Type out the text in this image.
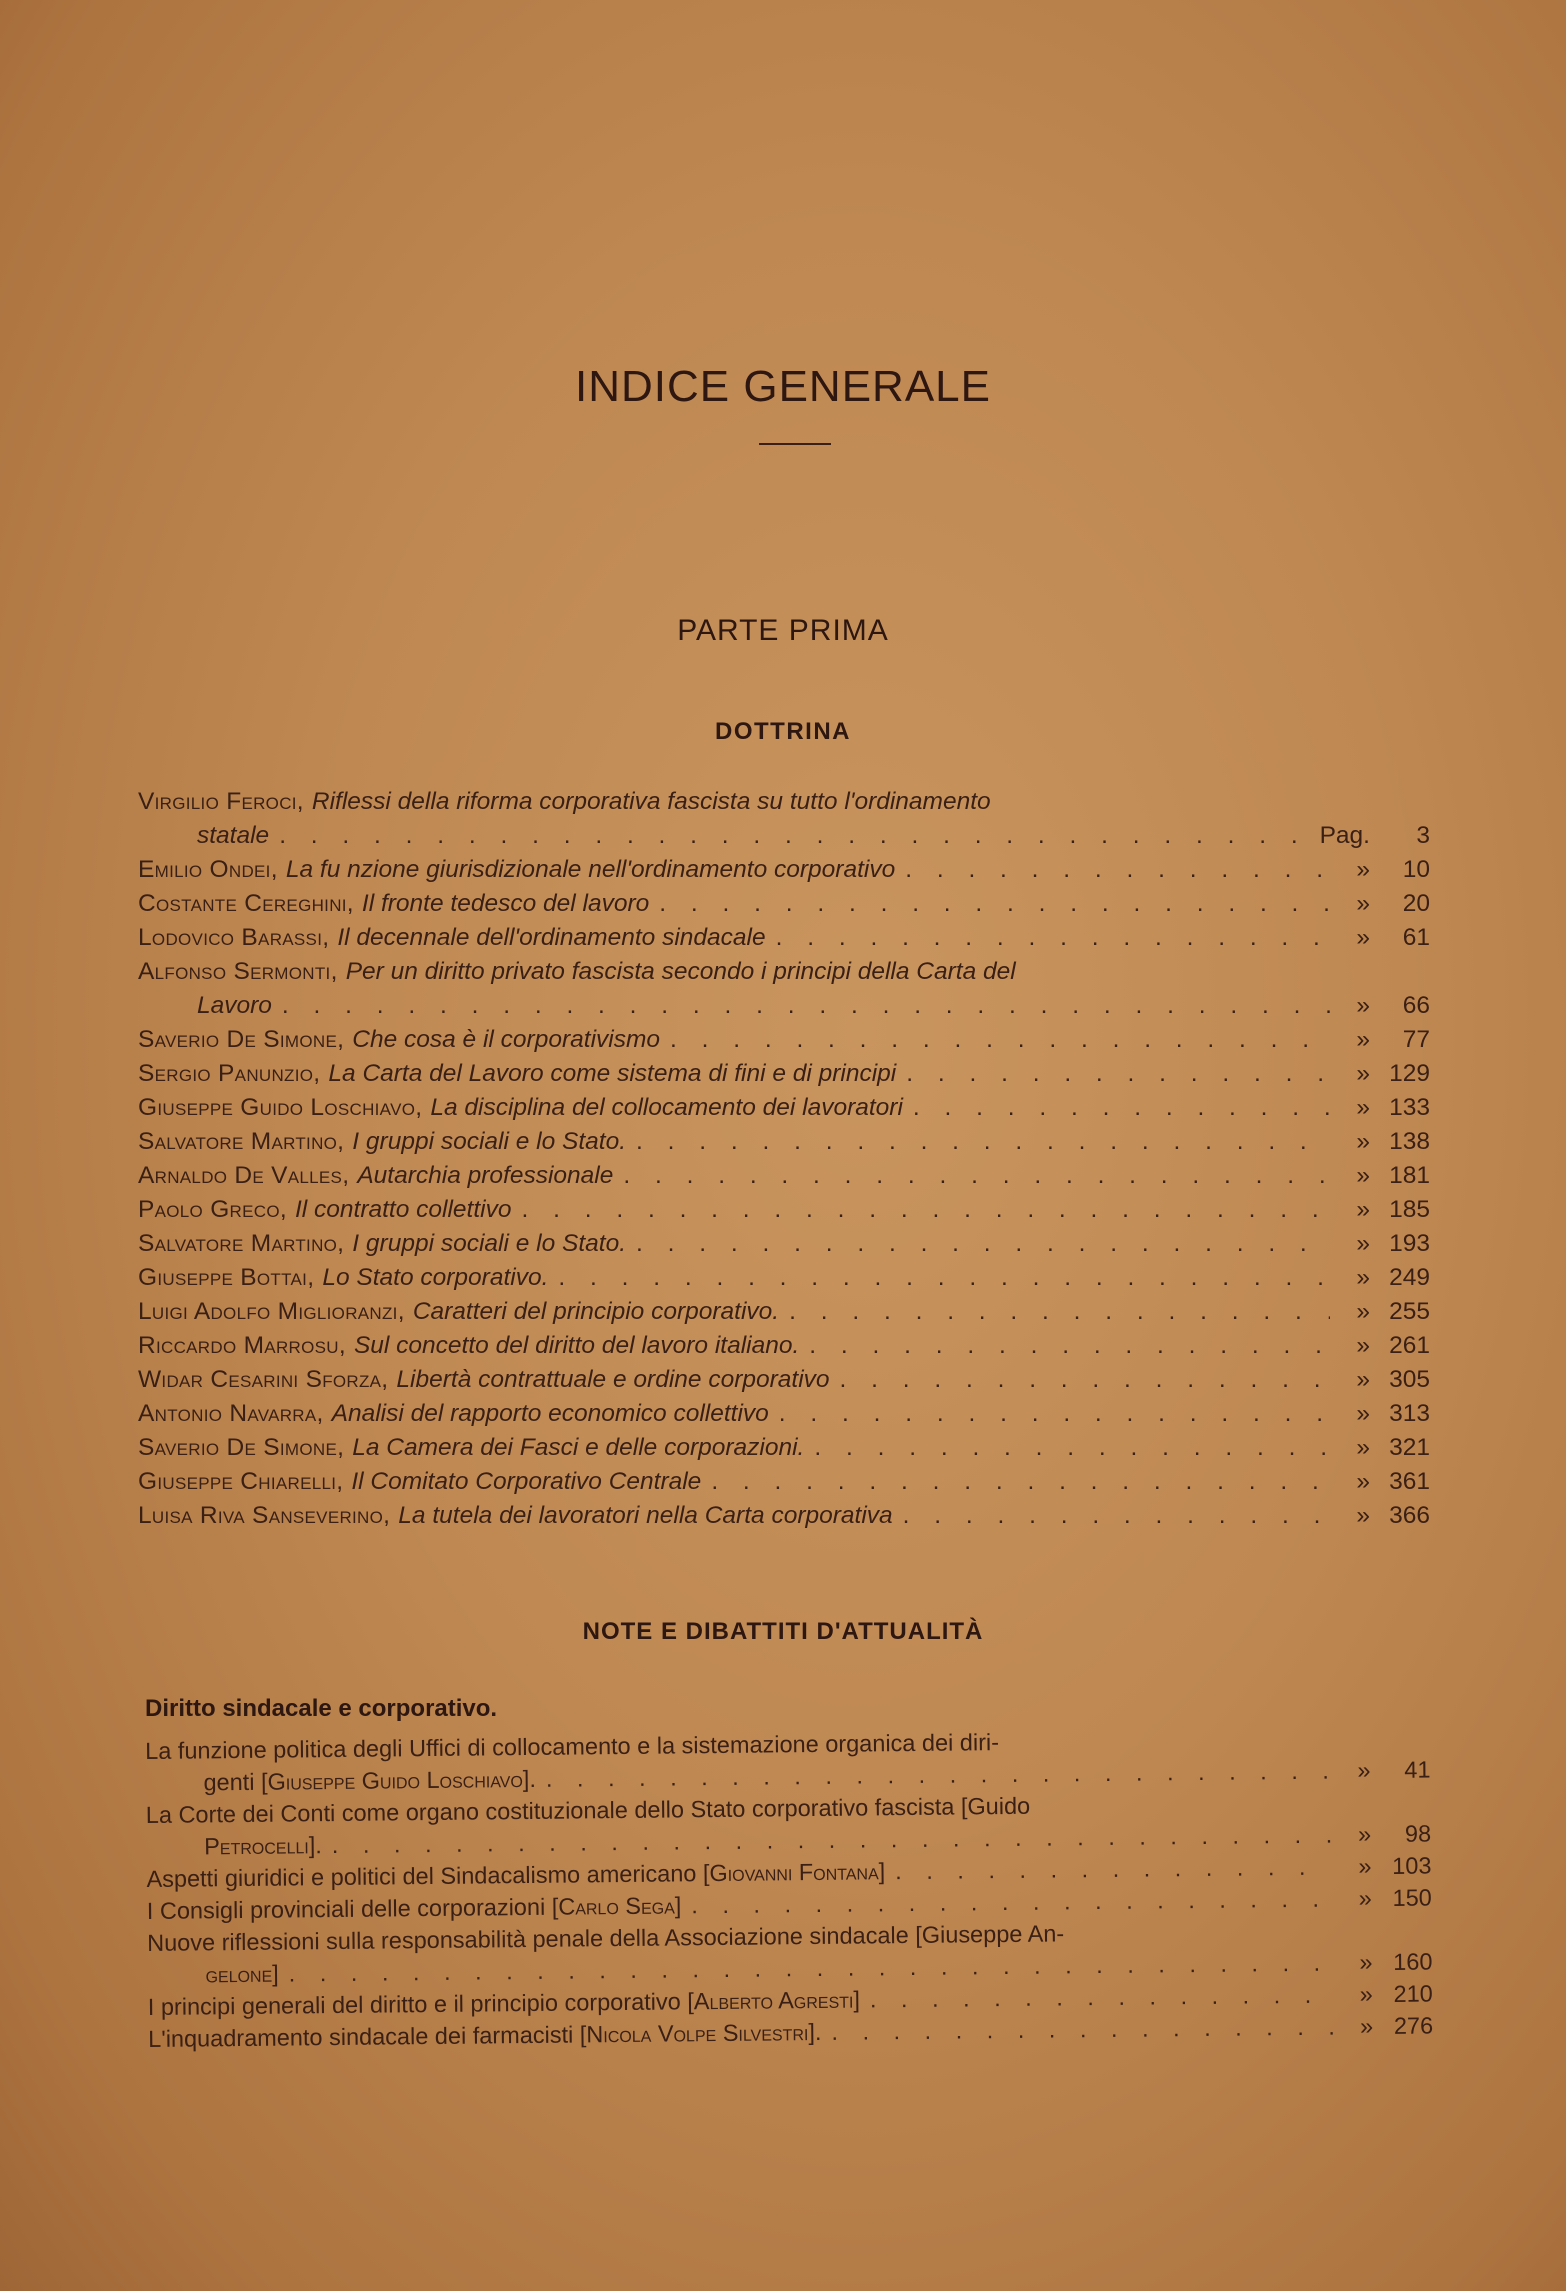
INDICE GENERALE
PARTE PRIMA
DOTTRINA
Virgilio Feroci, Riflessi della riforma corporativa fascista su tutto l'ordinamento
statale . . .	Pag.	3
Emilio Ondei, La fu nzione giurisdizionale nell'ordinamento corporativo . . .	»	10
Costante Cereghini, Il fronte tedesco del lavoro . . .	»	20
Lodovico Barassi, Il decennale dell'ordinamento sindacale . . .	»	61
Alfonso Sermonti, Per un diritto privato fascista secondo i principi della Carta del
Lavoro . . .	»	66
Saverio De Simone, Che cosa è il corporativismo . . .	»	77
Sergio Panunzio, La Carta del Lavoro come sistema di fini e di principi . . .	» 129
Giuseppe Guido Loschiavo, La disciplina del collocamento dei lavoratori . . .	» 133
Salvatore Martino, I gruppi sociali e lo Stato. . . .	» 138
Arnaldo De Valles, Autarchia professionale . . .	» 181
Paolo Greco, Il contratto collettivo . . .	» 185
Salvatore Martino, I gruppi sociali e lo Stato. . . .	» 193
Giuseppe Bottai, Lo Stato corporativo. . . .	» 249
Luigi Adolfo Miglioranzi, Caratteri del principio corporativo. . . .	» 255
Riccardo Marrosu, Sul concetto del diritto del lavoro italiano. . . .	» 261
Widar Cesarini Sforza, Libertà contrattuale e ordine corporativo . . .	» 305
Antonio Navarra, Analisi del rapporto economico collettivo . . .	» 313
Saverio De Simone, La Camera dei Fasci e delle corporazioni. . . .	» 321
Giuseppe Chiarelli, Il Comitato Corporativo Centrale . . .	» 361
Luisa Riva Sanseverino, La tutela dei lavoratori nella Carta corporativa . . .	» 366
NOTE E DIBATTITI D'ATTUALITÀ
Diritto sindacale e corporativo.
La funzione politica degli Uffici di collocamento e la sistemazione organica dei diri-
genti
[Giuseppe Guido Loschiavo]. . . .	»	41
La Corte dei Conti come organo costituzionale dello Stato corporativo fascista [Guido
Petrocelli]. . . .	»	98
Aspetti giuridici e politici del Sindacalismo americano
[Giovanni Fontana] . . .	» 103
I Consigli provinciali delle corporazioni
[Carlo Sega] . . .	» 150
Nuove riflessioni sulla responsabilità penale della Associazione sindacale [Giuseppe An-
gelone] . . .	» 160
I principi generali del diritto e il principio corporativo
[Alberto Agresti] . . .	» 210
L'inquadramento sindacale dei farmacisti
[Nicola Volpe Silvestri]. . . .	» 276
